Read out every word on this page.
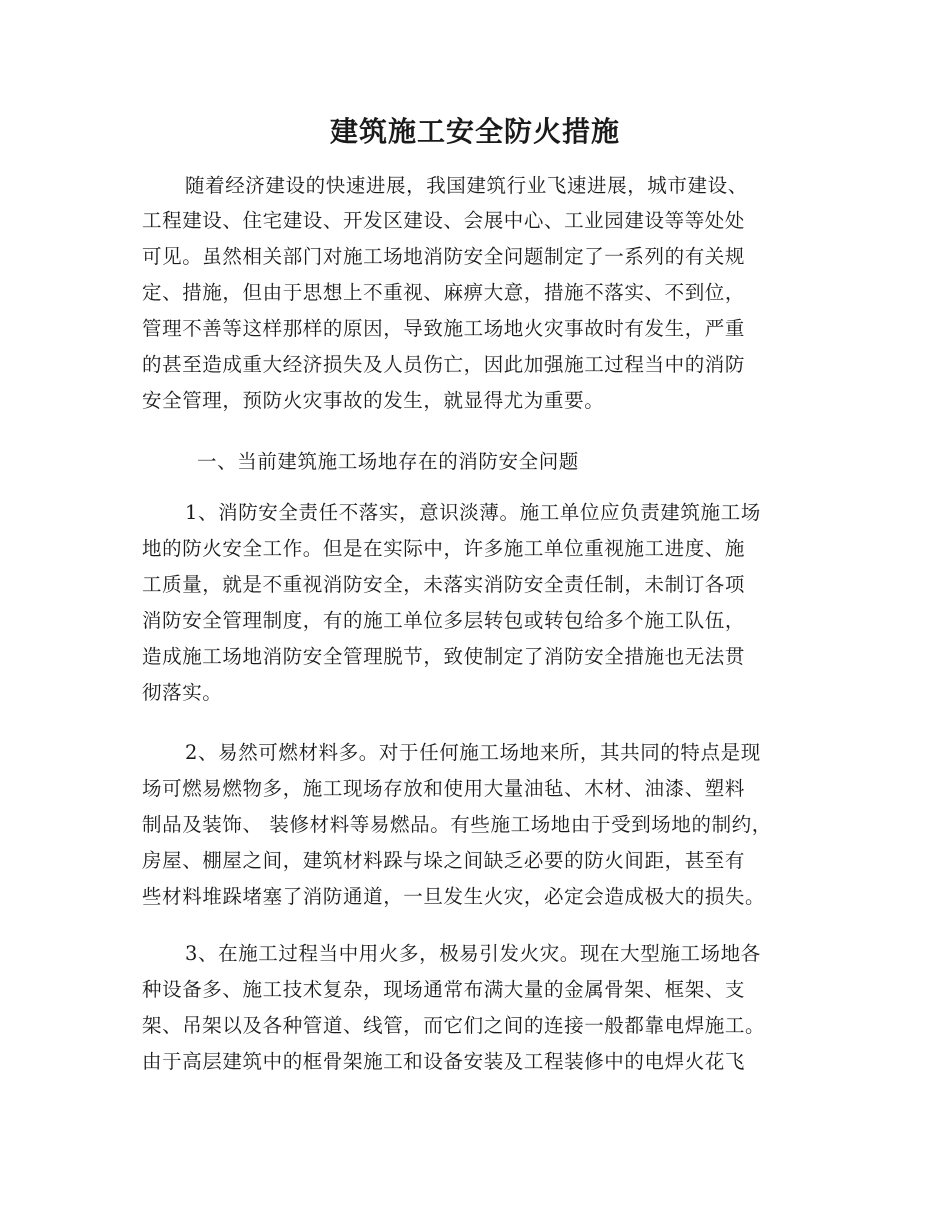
建筑施工安全防火措施
随着经济建设的快速进展，我国建筑行业飞速进展，城市建设、
工程建设、住宅建设、开发区建设、会展中心、工业园建设等等处处
可见。虽然相关部门对施工场地消防安全问题制定了一系列的有关规
定、措施，但由于思想上不重视、麻痹大意，措施不落实、不到位，
管理不善等这样那样的原因，导致施工场地火灾事故时有发生，严重
的甚至造成重大经济损失及人员伤亡，因此加强施工过程当中的消防
安全管理，预防火灾事故的发生，就显得尤为重要。
一、当前建筑施工场地存在的消防安全问题
1、消防安全责任不落实，意识淡薄。施工单位应负责建筑施工场
地的防火安全工作。但是在实际中，许多施工单位重视施工进度、施
工质量，就是不重视消防安全，未落实消防安全责任制，未制订各项
消防安全管理制度，有的施工单位多层转包或转包给多个施工队伍，
造成施工场地消防安全管理脱节，致使制定了消防安全措施也无法贯
彻落实。
2、易然可燃材料多。对于任何施工场地来所，其共同的特点是现
场可燃易燃物多，施工现场存放和使用大量油毡、木材、油漆、塑料
制品及装饰、 装修材料等易燃品。有些施工场地由于受到场地的制约，
房屋、棚屋之间，建筑材料跺与垛之间缺乏必要的防火间距，甚至有
些材料堆跺堵塞了消防通道，一旦发生火灾，必定会造成极大的损失。
3、在施工过程当中用火多，极易引发火灾。现在大型施工场地各
种设备多、施工技术复杂，现场通常布满大量的金属骨架、框架、支
架、吊架以及各种管道、线管，而它们之间的连接一般都靠电焊施工。
由于高层建筑中的框骨架施工和设备安装及工程装修中的电焊火花飞
